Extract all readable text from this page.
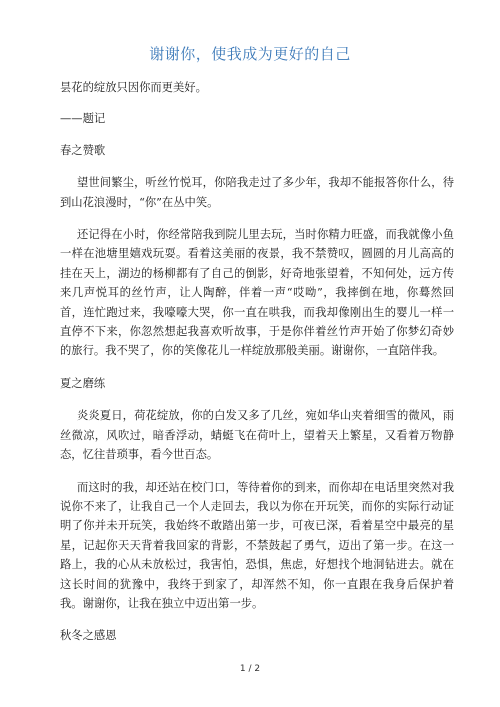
谢谢你，使我成为更好的自己

昙花的绽放只因你而更美好。

——题记

春之赞歌

望世间繁尘，听丝竹悦耳，你陪我走过了多少年，我却不能报答你什么，待到山花浪漫时，“你”在丛中笑。

还记得在小时，你经常陪我到院儿里去玩，当时你精力旺盛，而我就像小鱼一样在池塘里嬉戏玩耍。看着这美丽的夜景，我不禁赞叹，圆圆的月儿高高的挂在天上，湖边的杨柳都有了自己的倒影，好奇地张望着，不知何处，远方传来几声悦耳的丝竹声，让人陶醉，伴着一声“哎呦”，我摔倒在地，你蓦然回首，连忙跑过来，我嚎嚎大哭，你一直在哄我，而我却像刚出生的婴儿一样一直停不下来，你忽然想起我喜欢听故事，于是你伴着丝竹声开始了你梦幻奇妙的旅行。我不哭了，你的笑像花儿一样绽放那般美丽。谢谢你，一直陪伴我。

夏之磨练

炎炎夏日，荷花绽放，你的白发又多了几丝，宛如华山夹着细雪的微风，雨丝微凉，风吹过，暗香浮动，蜻蜓飞在荷叶上，望着天上繁星，又看着万物静态，忆往昔琐事，看今世百态。

而这时的我，却还站在校门口，等待着你的到来，而你却在电话里突然对我说你不来了，让我自己一个人走回去，我以为你在开玩笑，而你的实际行动证明了你并未开玩笑，我始终不敢踏出第一步，可夜已深，看着星空中最亮的星星，记起你天天背着我回家的背影，不禁鼓起了勇气，迈出了第一步。在这一路上，我的心从未放松过，我害怕，恐惧，焦虑，好想找个地洞钻进去。就在这长时间的犹豫中，我终于到家了，却浑然不知，你一直跟在我身后保护着我。谢谢你，让我在独立中迈出第一步。

秋冬之感恩

1 / 2
